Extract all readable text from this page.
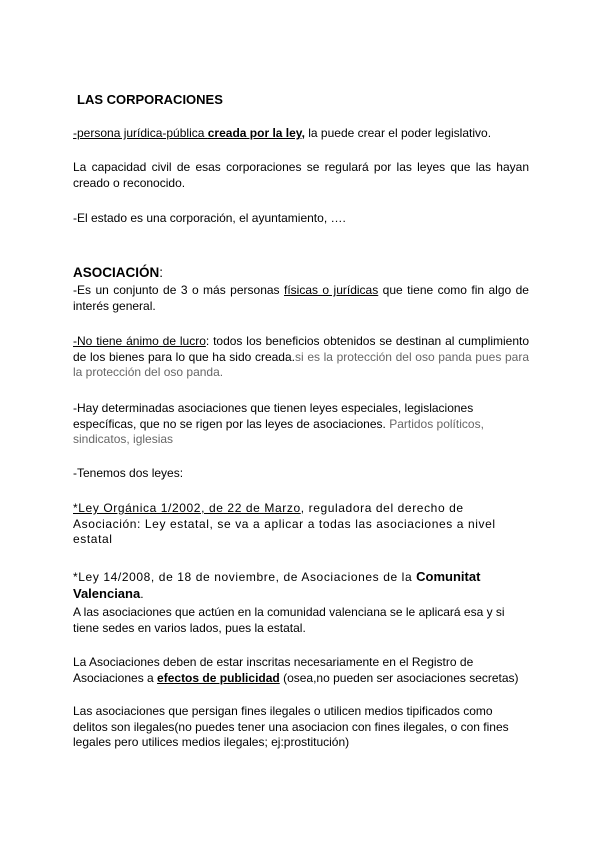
LAS CORPORACIONES
-persona jurídica-pública creada por la ley, la puede crear el poder legislativo.
La capacidad civil de esas corporaciones se regulará por las leyes que las hayan creado o reconocido.
-El estado es una corporación, el ayuntamiento, ….
ASOCIACIÓN:
-Es un conjunto de 3 o más personas físicas o jurídicas que tiene como fin algo de interés general.
-No tiene ánimo de lucro: todos los beneficios obtenidos se destinan al cumplimiento de los bienes para lo que ha sido creada.si es la protección del oso panda pues para la protección del oso panda.
-Hay determinadas asociaciones que tienen leyes especiales, legislaciones específicas, que no se rigen por las leyes de asociaciones. Partidos políticos, sindicatos, iglesias
-Tenemos dos leyes:
*Ley Orgánica 1/2002, de 22 de Marzo, reguladora del derecho de Asociación: Ley estatal, se va a aplicar a todas las asociaciones a nivel estatal
*Ley 14/2008, de 18 de noviembre, de Asociaciones de la Comunitat Valenciana.
A las asociaciones que actúen en la comunidad valenciana se le aplicará esa y si tiene sedes en varios lados, pues la estatal.
La Asociaciones deben de estar inscritas necesariamente en el Registro de Asociaciones a efectos de publicidad (osea,no pueden ser asociaciones secretas)
Las asociaciones que persigan fines ilegales o utilicen medios tipificados como delitos son ilegales(no puedes tener una asociacion con fines ilegales, o con fines legales pero utilices medios ilegales; ej:prostitución)
